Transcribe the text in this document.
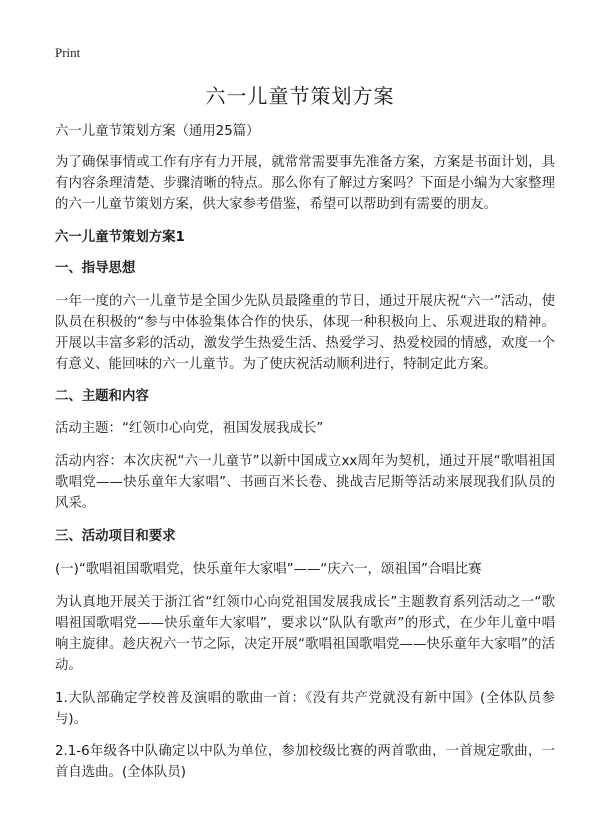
Print
六一儿童节策划方案

六一儿童节策划方案（通用25篇）

为了确保事情或工作有序有力开展，就常常需要事先准备方案，方案是书面计划，具有内容条理清楚、步骤清晰的特点。那么你有了解过方案吗？下面是小编为大家整理的六一儿童节策划方案，供大家参考借鉴，希望可以帮助到有需要的朋友。

六一儿童节策划方案1

一、指导思想

一年一度的六一儿童节是全国少先队员最隆重的节日，通过开展庆祝“六一”活动，使队员在积极的“参与中体验集体合作的快乐，体现一种积极向上、乐观进取的精神。开展以丰富多彩的活动，激发学生热爱生活、热爱学习、热爱校园的情感，欢度一个有意义、能回味的六一儿童节。为了使庆祝活动顺利进行，特制定此方案。

二、主题和内容

活动主题：“红领巾心向党，祖国发展我成长”

活动内容：本次庆祝“六一儿童节”以新中国成立xx周年为契机，通过开展“歌唱祖国歌唱党——快乐童年大家唱”、书画百米长卷、挑战吉尼斯等活动来展现我们队员的风采。

三、活动项目和要求

(一)“歌唱祖国歌唱党，快乐童年大家唱”——“庆六一，颂祖国”合唱比赛

为认真地开展关于浙江省“红领巾心向党祖国发展我成长”主题教育系列活动之一“歌唱祖国歌唱党——快乐童年大家唱”，要求以“队队有歌声”的形式，在少年儿童中唱响主旋律。趁庆祝六一节之际，决定开展“歌唱祖国歌唱党——快乐童年大家唱”的活动。

1.大队部确定学校普及演唱的歌曲一首：《没有共产党就没有新中国》(全体队员参与)。

2.1-6年级各中队确定以中队为单位，参加校级比赛的两首歌曲，一首规定歌曲，一首自选曲。(全体队员)
